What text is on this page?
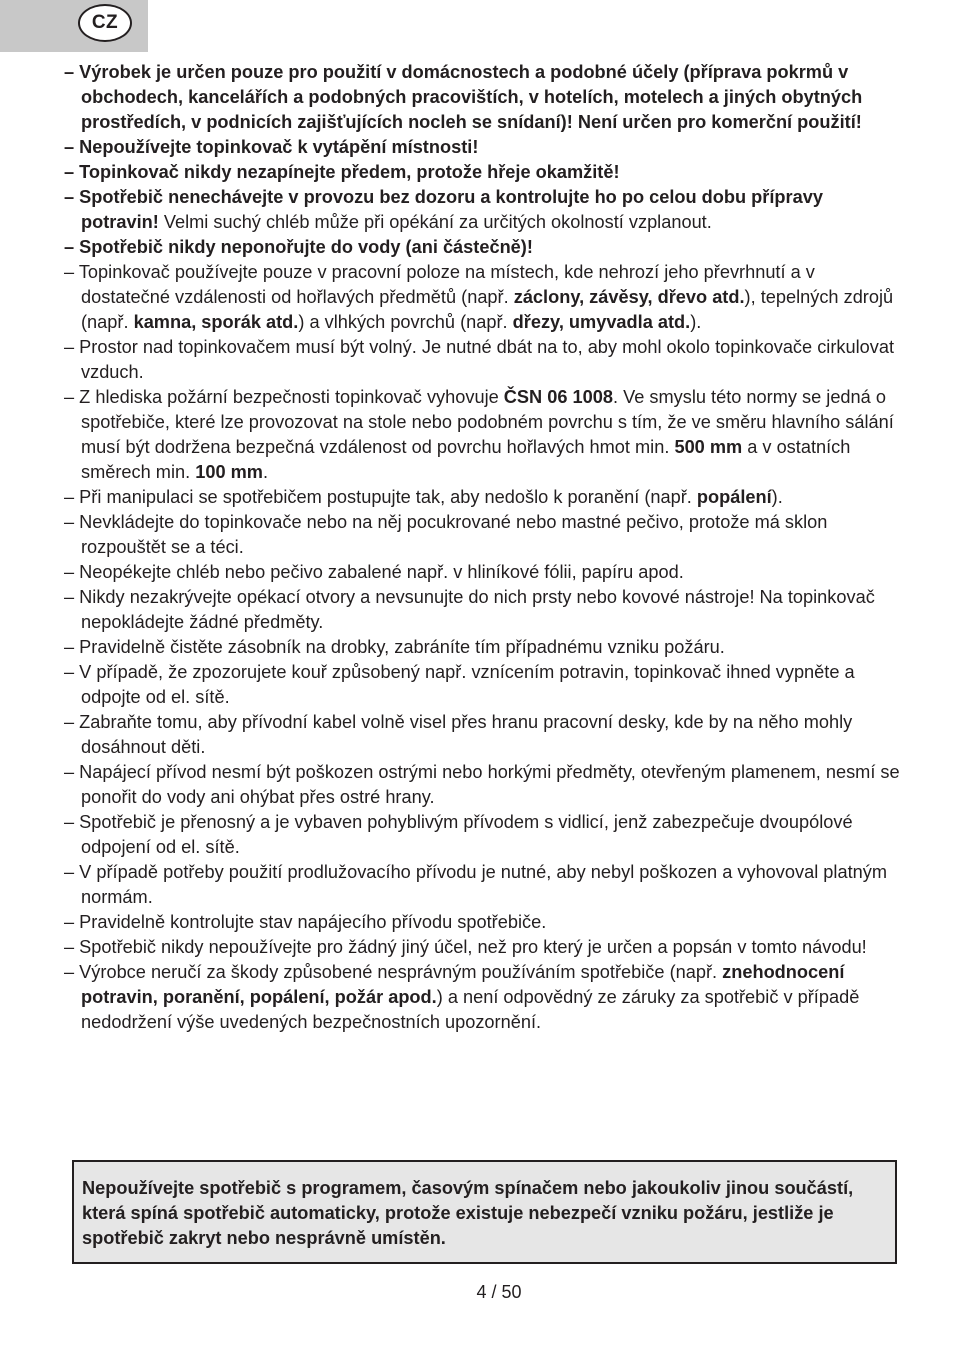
CZ

– Výrobek je určen pouze pro použití v domácnostech a podobné účely (příprava pokrmů v obchodech, kancelářích a podobných pracovištích, v hotelích, motelech a jiných obytných prostředích, v podnicích zajišťujících nocleh se snídaní)! Není určen pro komerční použití!

– Nepoužívejte topinkovač k vytápění místnosti!

– Topinkovač nikdy nezapínejte předem, protože hřeje okamžitě!

– Spotřebič nenechávejte v provozu bez dozoru a kontrolujte ho po celou dobu přípravy potravin! Velmi suchý chléb může při opékání za určitých okolností vzplanout.

– Spotřebič nikdy neponořujte do vody (ani částečně)!

– Topinkovač používejte pouze v pracovní poloze na místech, kde nehrozí jeho převrhnutí a v dostatečné vzdálenosti od hořlavých předmětů (např. záclony, závěsy, dřevo atd.), tepelných zdrojů (např. kamna, sporák atd.) a vlhkých povrchů (např. dřezy, umyvadla atd.).

– Prostor nad topinkovačem musí být volný. Je nutné dbát na to, aby mohl okolo topinkovače cirkulovat vzduch.

– Z hlediska požární bezpečnosti topinkovač vyhovuje ČSN 06 1008. Ve smyslu této normy se jedná o spotřebiče, které lze provozovat na stole nebo podobném povrchu s tím, že ve směru hlavního sálání musí být dodržena bezpečná vzdálenost od povrchu hořlavých hmot min. 500 mm a v ostatních směrech min. 100 mm.

– Při manipulaci se spotřebičem postupujte tak, aby nedošlo k poranění (např. popálení).

– Nevkládejte do topinkovače nebo na něj pocukrované nebo mastné pečivo, protože má sklon rozpouštět se a téci.

– Neopékejte chléb nebo pečivo zabalené např. v hliníkové fólii, papíru apod.

– Nikdy nezakrývejte opékací otvory a nevsunujte do nich prsty nebo kovové nástroje! Na topinkovač nepokládejte žádné předměty.

– Pravidelně čistěte zásobník na drobky, zabráníte tím případnému vzniku požáru.

– V případě, že zpozorujete kouř způsobený např. vznícením potravin, topinkovač ihned vypněte a odpojte od el. sítě.

– Zabraňte tomu, aby přívodní kabel volně visel přes hranu pracovní desky, kde by na něho mohly dosáhnout děti.

– Napájecí přívod nesmí být poškozen ostrými nebo horkými předměty, otevřeným plamenem, nesmí se ponořit do vody ani ohýbat přes ostré hrany.

– Spotřebič je přenosný a je vybaven pohyblivým přívodem s vidlicí, jenž zabezpečuje dvoupólové odpojení od el. sítě.

– V případě potřeby použití prodlužovacího přívodu je nutné, aby nebyl poškozen a vyhovoval platným normám.

– Pravidelně kontrolujte stav napájecího přívodu spotřebiče.

– Spotřebič nikdy nepoužívejte pro žádný jiný účel, než pro který je určen a popsán v tomto návodu!

– Výrobce neručí za škody způsobené nesprávným používáním spotřebiče (např. znehodnocení potravin, poranění, popálení, požár apod.) a není odpovědný ze záruky za spotřebič v případě nedodržení výše uvedených bezpečnostních upozornění.

Nepoužívejte spotřebič s programem, časovým spínačem nebo jakoukoliv jinou součástí, která spíná spotřebič automaticky, protože existuje nebezpečí vzniku požáru, jestliže je spotřebič zakryt nebo nesprávně umístěn.
4 / 50
